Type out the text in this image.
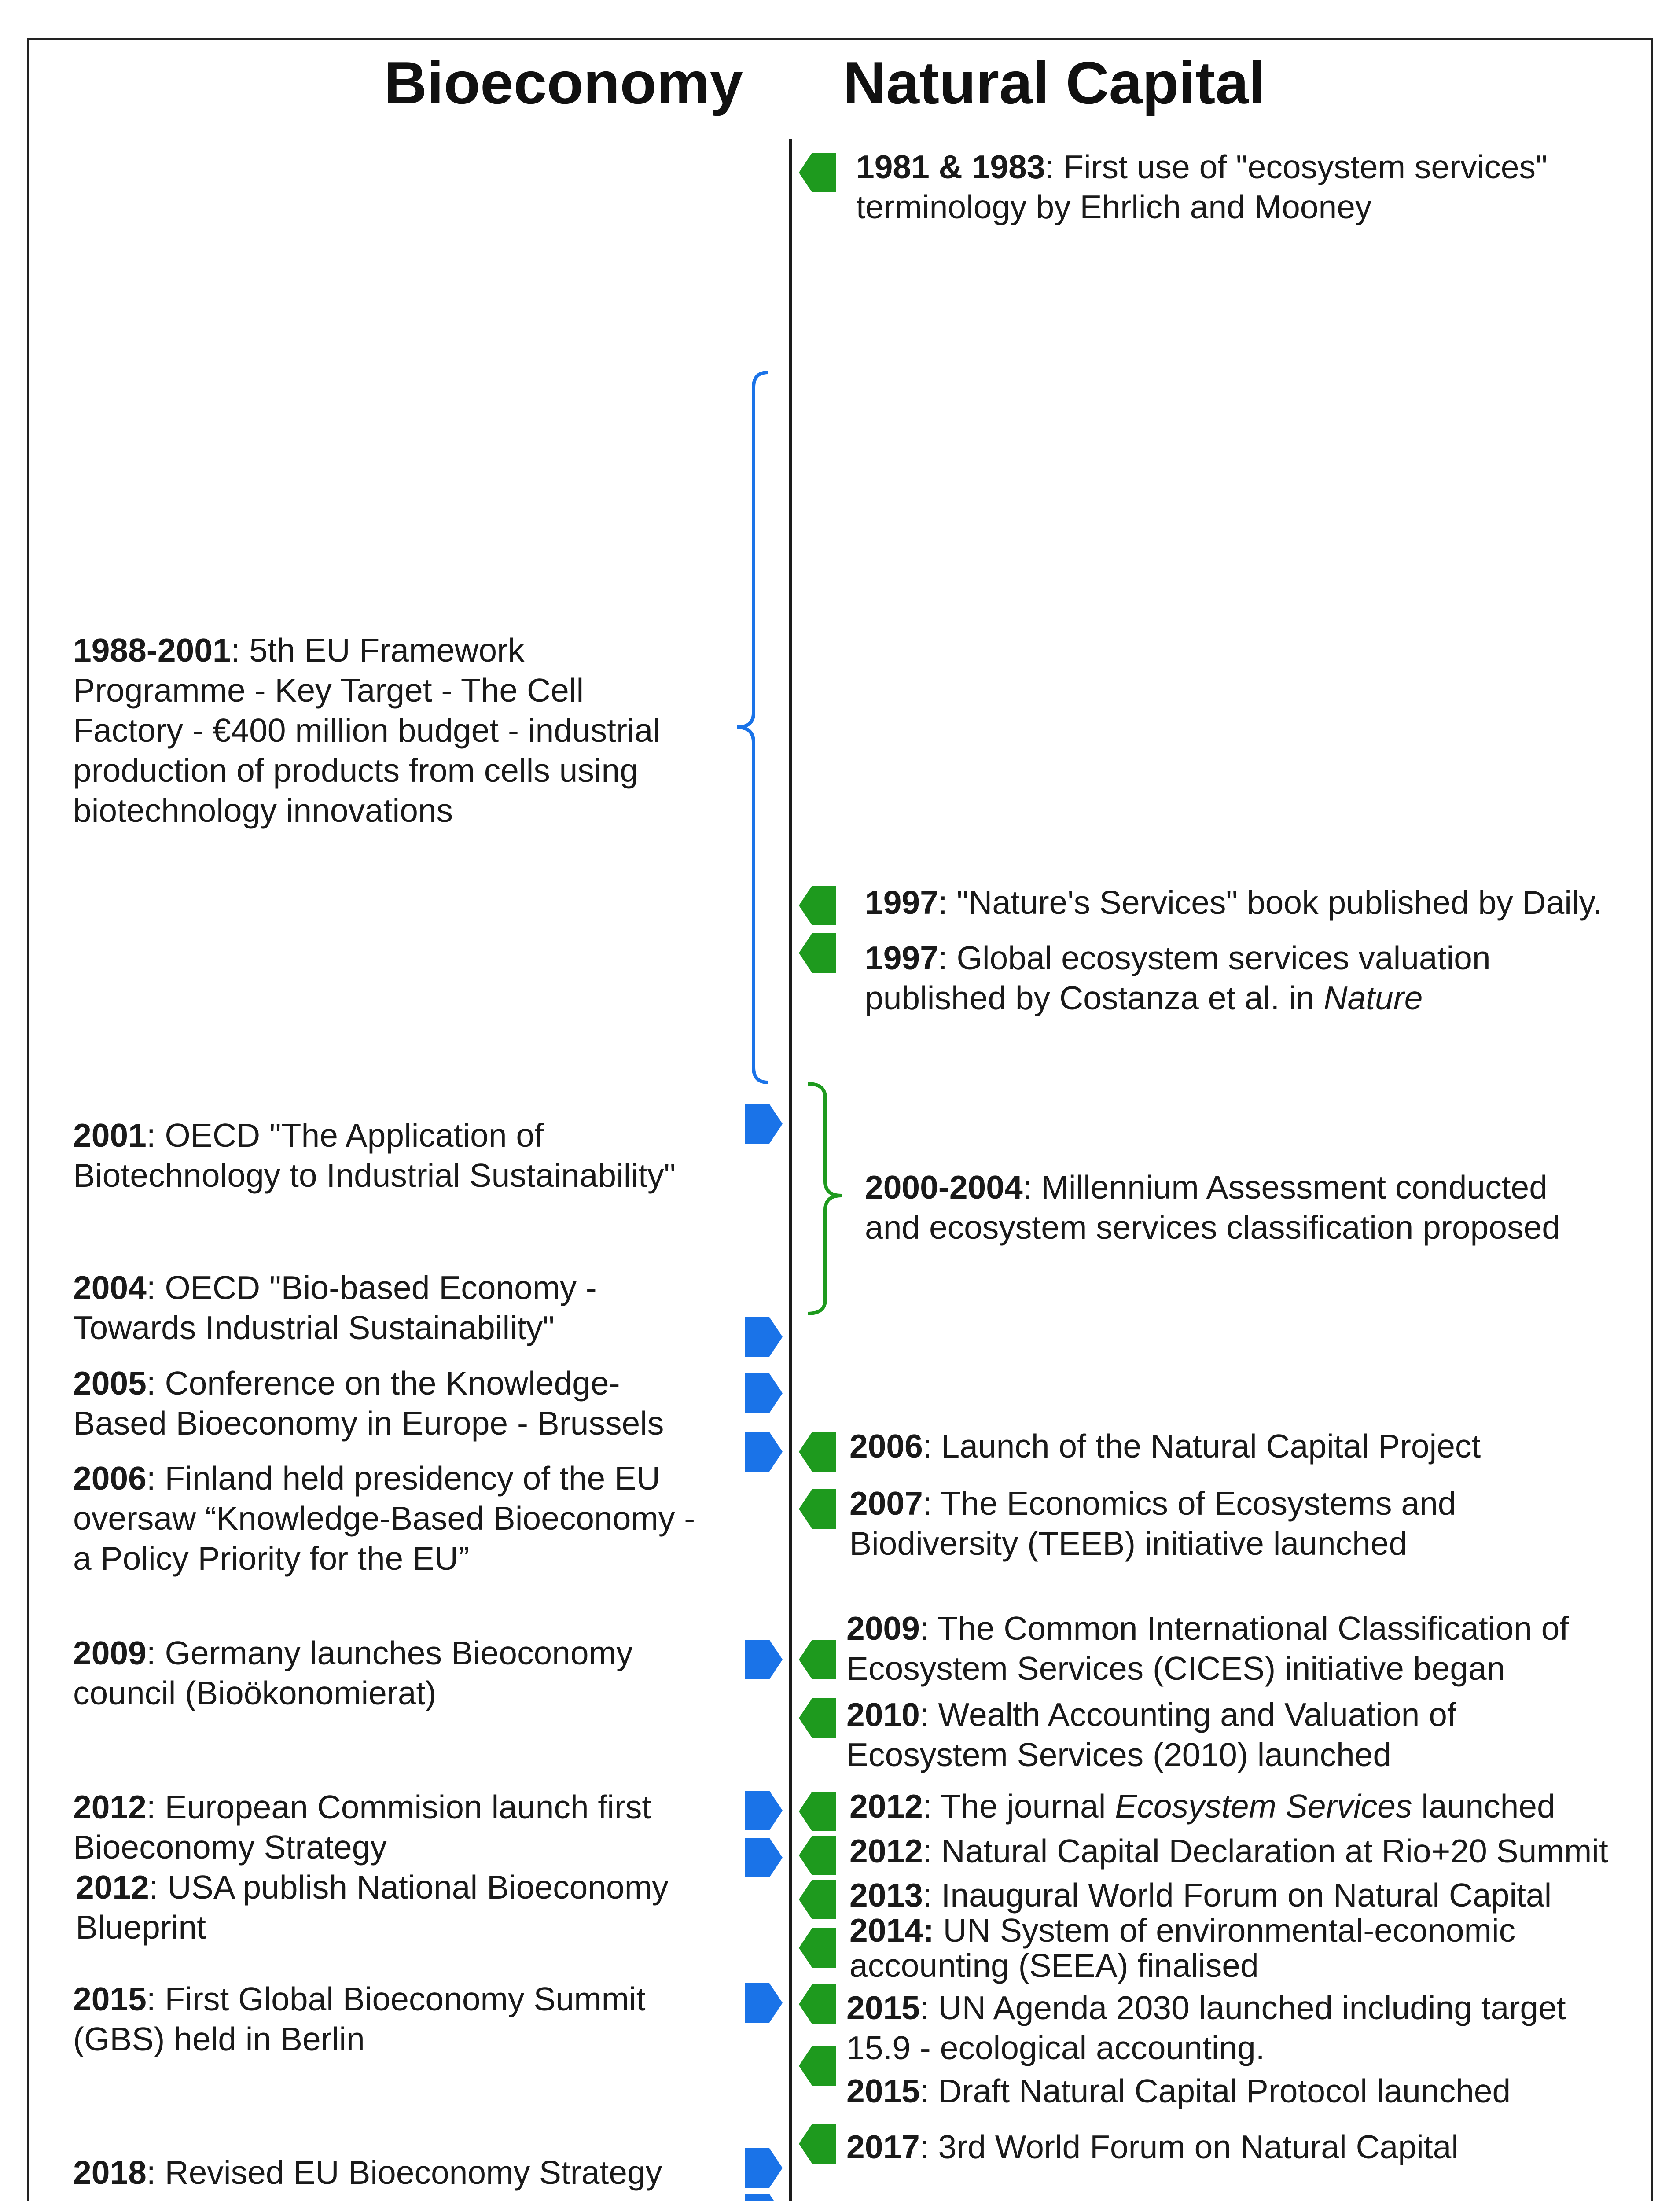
Bioeconomy Natural Capital
1988-2001: 5th EU Framework
Programme - Key Target - The Cell
Factory - €400 million budget - industrial
production of products from cells using
biotechnology innovations
2001: OECD "The Application of
Biotechnology to Industrial Sustainability"
2004: OECD "Bio-based Economy -
Towards Industrial Sustainability"
2005: Conference on the Knowledge-
Based Bioeconomy in Europe - Brussels
2006: Finland held presidency of the EU
oversaw “Knowledge-Based Bioeconomy -
a Policy Priority for the EU”
2009: Germany launches Bieoconomy
council (Bioökonomierat)
2012: European Commision launch first
Bioeconomy Strategy
2012: USA publish National Bioeconomy
Blueprint
2015: First Global Bioeconomy Summit
(GBS) held in Berlin
2018: Revised EU Bioeconomy Strategy

1981 & 1983: First use of "ecosystem services"
terminology by Ehrlich and Mooney
1997: "Nature's Services" book published by Daily.
1997: Global ecosystem services valuation
published by Costanza et al. in Nature
2000-2004: Millennium Assessment conducted
and ecosystem services classification proposed
2006: Launch of the Natural Capital Project
2007: The Economics of Ecosystems and
Biodiversity (TEEB) initiative launched
2009: The Common International Classification of
Ecosystem Services (CICES) initiative began
2010: Wealth Accounting and Valuation of
Ecosystem Services (2010) launched
2012: The journal Ecosystem Services launched
2012: Natural Capital Declaration at Rio+20 Summit
2013: Inaugural World Forum on Natural Capital
2014: UN System of environmental-economic
accounting (SEEA) finalised
2015: UN Agenda 2030 launched including target
15.9 - ecological accounting.
2015: Draft Natural Capital Protocol launched
2017: 3rd World Forum on Natural Capital
